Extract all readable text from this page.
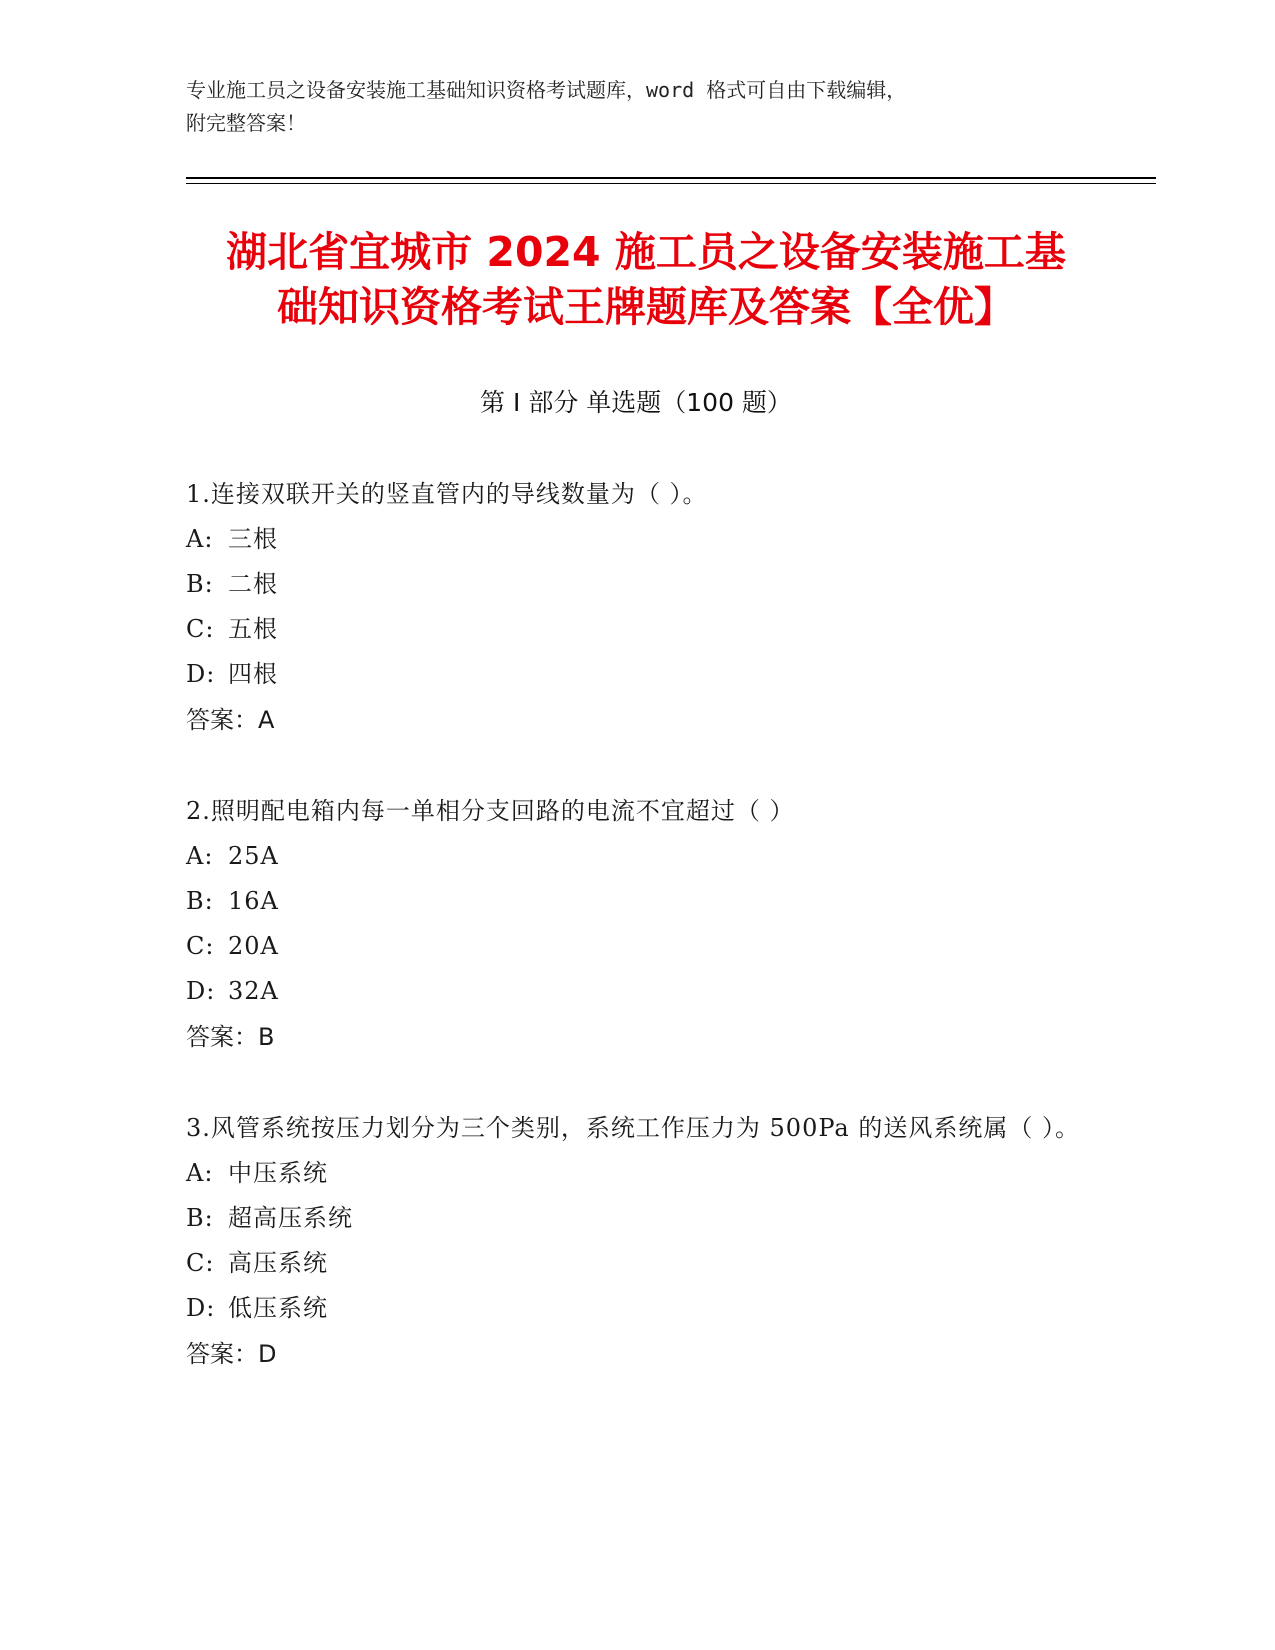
专业施工员之设备安装施工基础知识资格考试题库，word 格式可自由下载编辑，
附完整答案！
湖北省宜城市 2024 施工员之设备安装施工基
础知识资格考试王牌题库及答案【全优】
第 I 部分 单选题（100 题）
1.连接双联开关的竖直管内的导线数量为（ ）。
A: 三根
B: 二根
C: 五根
D: 四根
答案：A
2.照明配电箱内每一单相分支回路的电流不宜超过（ ）
A: 25A
B: 16A
C: 20A
D: 32A
答案：B
3.风管系统按压力划分为三个类别，系统工作压力为 500Pa 的送风系统属（ ）。
A: 中压系统
B: 超高压系统
C: 高压系统
D: 低压系统
答案：D
